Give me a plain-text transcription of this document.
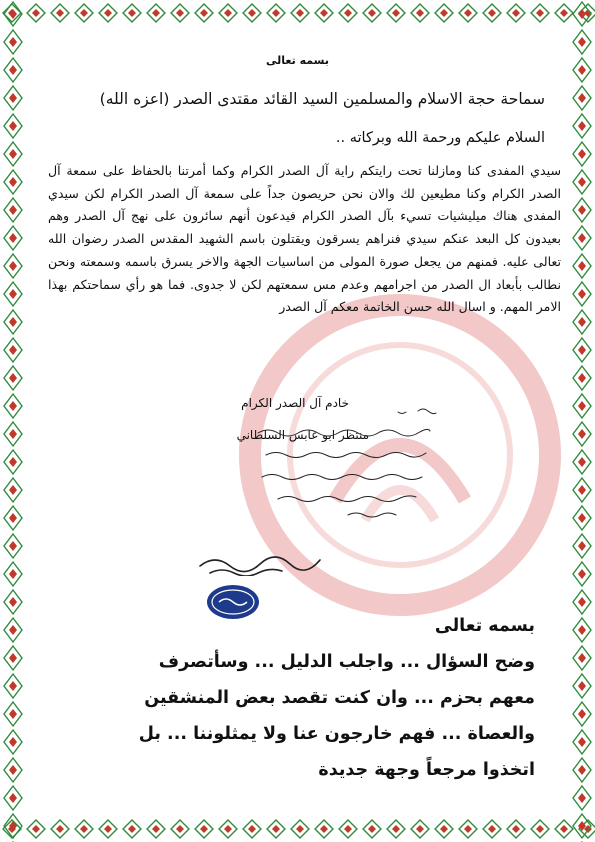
بسمه تعالى
سماحة حجة الاسلام والمسلمين السيد القائد مقتدى الصدر (اعزه الله)
السلام عليكم ورحمة الله وبركاته ..
سيدي المفدى كنا ومازلنا تحت رايتكم راية آل الصدر الكرام وكما أمرتنا بالحفاظ على سمعة آل الصدر الكرام وكنا مطيعين لك والان نحن حريصون جداً على سمعة آل الصدر الكرام لكن سيدي المفدى هناك ميليشيات تسيء بآل الصدر الكرام فيدعون أنهم سائرون على نهج آل الصدر وهم بعيدون كل البعد عنكم سيدي فنراهم يسرقون ويقتلون باسم الشهيد المقدس الصدر رضوان الله تعالى عليه. فمنهم من يجعل صورة المولى من اساسيات الجهة والاخر يسرق باسمه وسمعته ونحن نطالب بأبعاد ال الصدر من اجرامهم وعدم مس سمعتهم لكن لا جدوى. فما هو رأي سماحتكم بهذا الامر المهم. و اسال الله حسن الخاتمة معكم آل الصدر
خادم آل الصدر الكرام
منتظر ابو عابس السلطاني
بسمه تعالى
وضح السؤال ... واجلب الدليل ... وسأتصرف
معهم بحزم ... وان كنت تقصد بعض المنشقين
والعصاة ... فهم خارجون عنا ولا يمثلوننا ... بل
اتخذوا مرجعاً وجهة جديدة
